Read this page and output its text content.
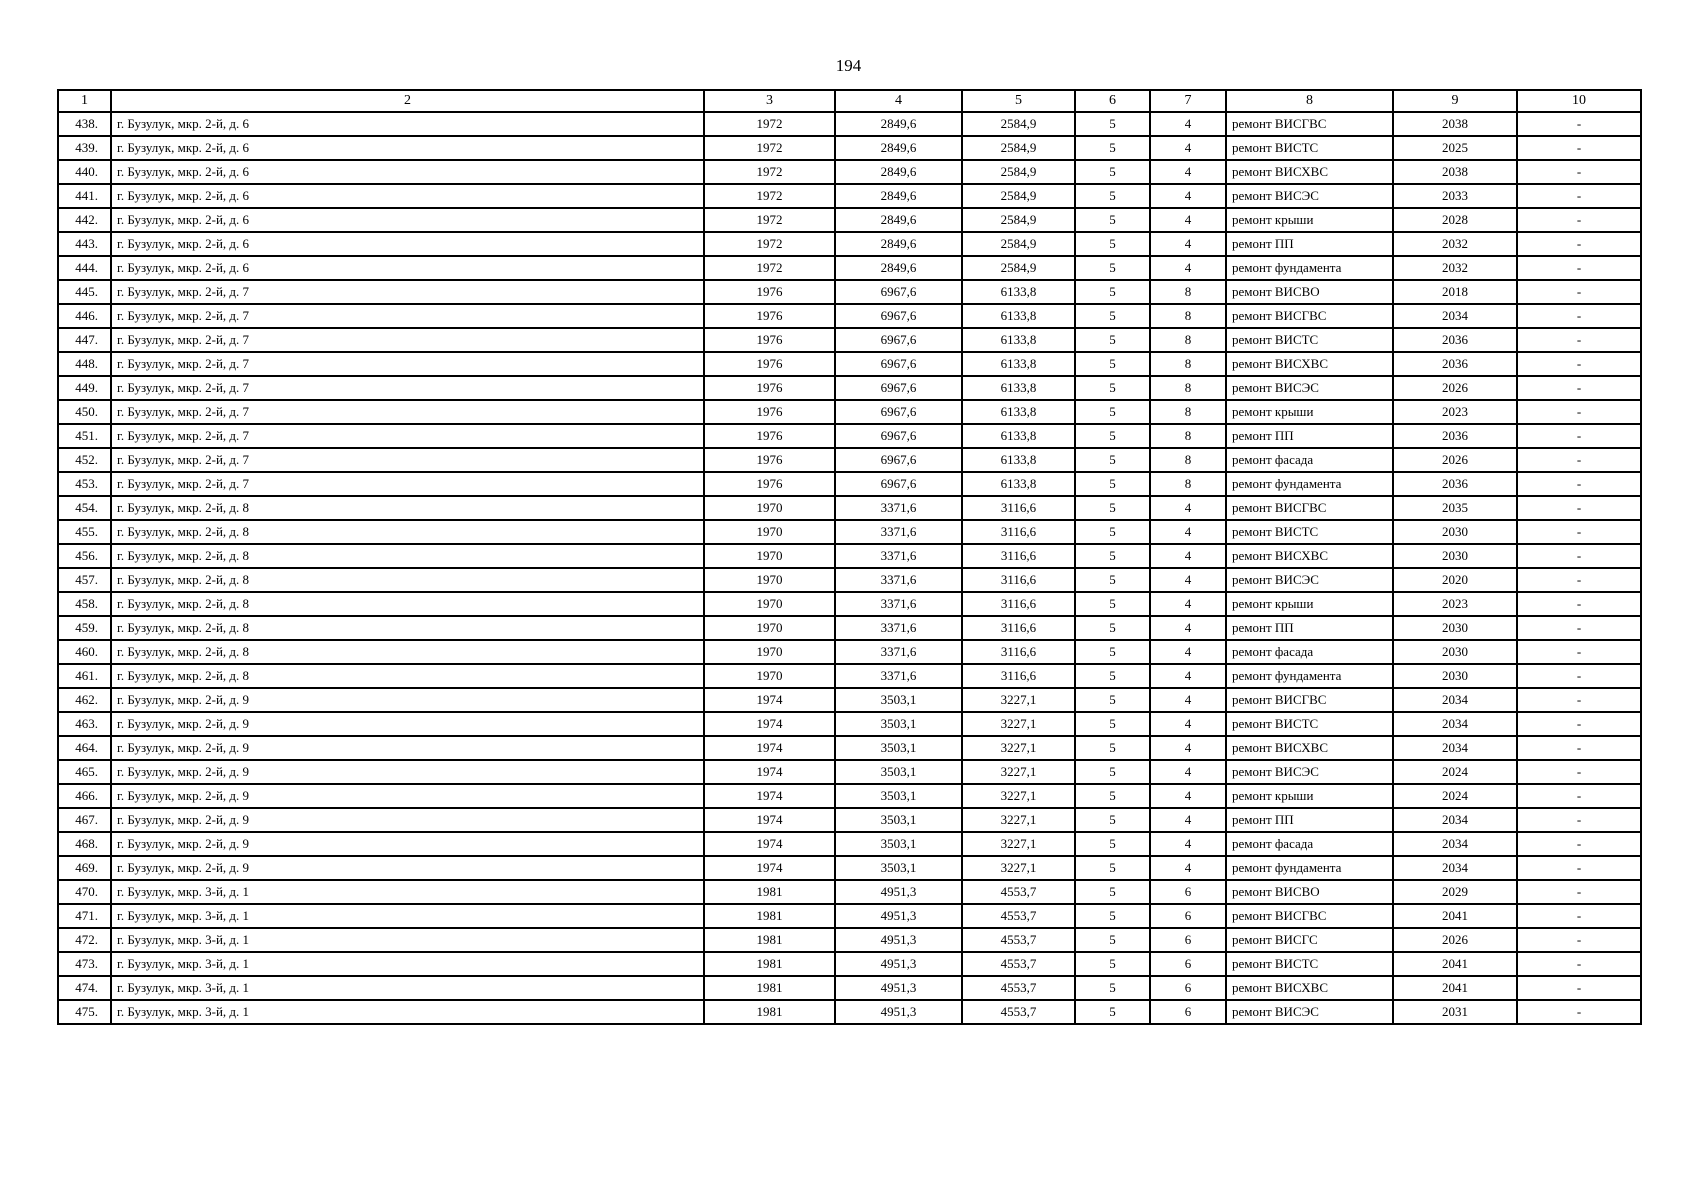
194
1	2	3	4	5	6	7	8	9	10
438.	г. Бузулук, мкр. 2-й, д. 6	1972	2849,6	2584,9	5	4	ремонт ВИСГВС	2038	-
439.	г. Бузулук, мкр. 2-й, д. 6	1972	2849,6	2584,9	5	4	ремонт ВИСТС	2025	-
440.	г. Бузулук, мкр. 2-й, д. 6	1972	2849,6	2584,9	5	4	ремонт ВИСХВС	2038	-
441.	г. Бузулук, мкр. 2-й, д. 6	1972	2849,6	2584,9	5	4	ремонт ВИСЭС	2033	-
442.	г. Бузулук, мкр. 2-й, д. 6	1972	2849,6	2584,9	5	4	ремонт крыши	2028	-
443.	г. Бузулук, мкр. 2-й, д. 6	1972	2849,6	2584,9	5	4	ремонт ПП	2032	-
444.	г. Бузулук, мкр. 2-й, д. 6	1972	2849,6	2584,9	5	4	ремонт фундамента	2032	-
445.	г. Бузулук, мкр. 2-й, д. 7	1976	6967,6	6133,8	5	8	ремонт ВИСВО	2018	-
446.	г. Бузулук, мкр. 2-й, д. 7	1976	6967,6	6133,8	5	8	ремонт ВИСГВС	2034	-
447.	г. Бузулук, мкр. 2-й, д. 7	1976	6967,6	6133,8	5	8	ремонт ВИСТС	2036	-
448.	г. Бузулук, мкр. 2-й, д. 7	1976	6967,6	6133,8	5	8	ремонт ВИСХВС	2036	-
449.	г. Бузулук, мкр. 2-й, д. 7	1976	6967,6	6133,8	5	8	ремонт ВИСЭС	2026	-
450.	г. Бузулук, мкр. 2-й, д. 7	1976	6967,6	6133,8	5	8	ремонт крыши	2023	-
451.	г. Бузулук, мкр. 2-й, д. 7	1976	6967,6	6133,8	5	8	ремонт ПП	2036	-
452.	г. Бузулук, мкр. 2-й, д. 7	1976	6967,6	6133,8	5	8	ремонт фасада	2026	-
453.	г. Бузулук, мкр. 2-й, д. 7	1976	6967,6	6133,8	5	8	ремонт фундамента	2036	-
454.	г. Бузулук, мкр. 2-й, д. 8	1970	3371,6	3116,6	5	4	ремонт ВИСГВС	2035	-
455.	г. Бузулук, мкр. 2-й, д. 8	1970	3371,6	3116,6	5	4	ремонт ВИСТС	2030	-
456.	г. Бузулук, мкр. 2-й, д. 8	1970	3371,6	3116,6	5	4	ремонт ВИСХВС	2030	-
457.	г. Бузулук, мкр. 2-й, д. 8	1970	3371,6	3116,6	5	4	ремонт ВИСЭС	2020	-
458.	г. Бузулук, мкр. 2-й, д. 8	1970	3371,6	3116,6	5	4	ремонт крыши	2023	-
459.	г. Бузулук, мкр. 2-й, д. 8	1970	3371,6	3116,6	5	4	ремонт ПП	2030	-
460.	г. Бузулук, мкр. 2-й, д. 8	1970	3371,6	3116,6	5	4	ремонт фасада	2030	-
461.	г. Бузулук, мкр. 2-й, д. 8	1970	3371,6	3116,6	5	4	ремонт фундамента	2030	-
462.	г. Бузулук, мкр. 2-й, д. 9	1974	3503,1	3227,1	5	4	ремонт ВИСГВС	2034	-
463.	г. Бузулук, мкр. 2-й, д. 9	1974	3503,1	3227,1	5	4	ремонт ВИСТС	2034	-
464.	г. Бузулук, мкр. 2-й, д. 9	1974	3503,1	3227,1	5	4	ремонт ВИСХВС	2034	-
465.	г. Бузулук, мкр. 2-й, д. 9	1974	3503,1	3227,1	5	4	ремонт ВИСЭС	2024	-
466.	г. Бузулук, мкр. 2-й, д. 9	1974	3503,1	3227,1	5	4	ремонт крыши	2024	-
467.	г. Бузулук, мкр. 2-й, д. 9	1974	3503,1	3227,1	5	4	ремонт ПП	2034	-
468.	г. Бузулук, мкр. 2-й, д. 9	1974	3503,1	3227,1	5	4	ремонт фасада	2034	-
469.	г. Бузулук, мкр. 2-й, д. 9	1974	3503,1	3227,1	5	4	ремонт фундамента	2034	-
470.	г. Бузулук, мкр. 3-й, д. 1	1981	4951,3	4553,7	5	6	ремонт ВИСВО	2029	-
471.	г. Бузулук, мкр. 3-й, д. 1	1981	4951,3	4553,7	5	6	ремонт ВИСГВС	2041	-
472.	г. Бузулук, мкр. 3-й, д. 1	1981	4951,3	4553,7	5	6	ремонт ВИСГС	2026	-
473.	г. Бузулук, мкр. 3-й, д. 1	1981	4951,3	4553,7	5	6	ремонт ВИСТС	2041	-
474.	г. Бузулук, мкр. 3-й, д. 1	1981	4951,3	4553,7	5	6	ремонт ВИСХВС	2041	-
475.	г. Бузулук, мкр. 3-й, д. 1	1981	4951,3	4553,7	5	6	ремонт ВИСЭС	2031	-
